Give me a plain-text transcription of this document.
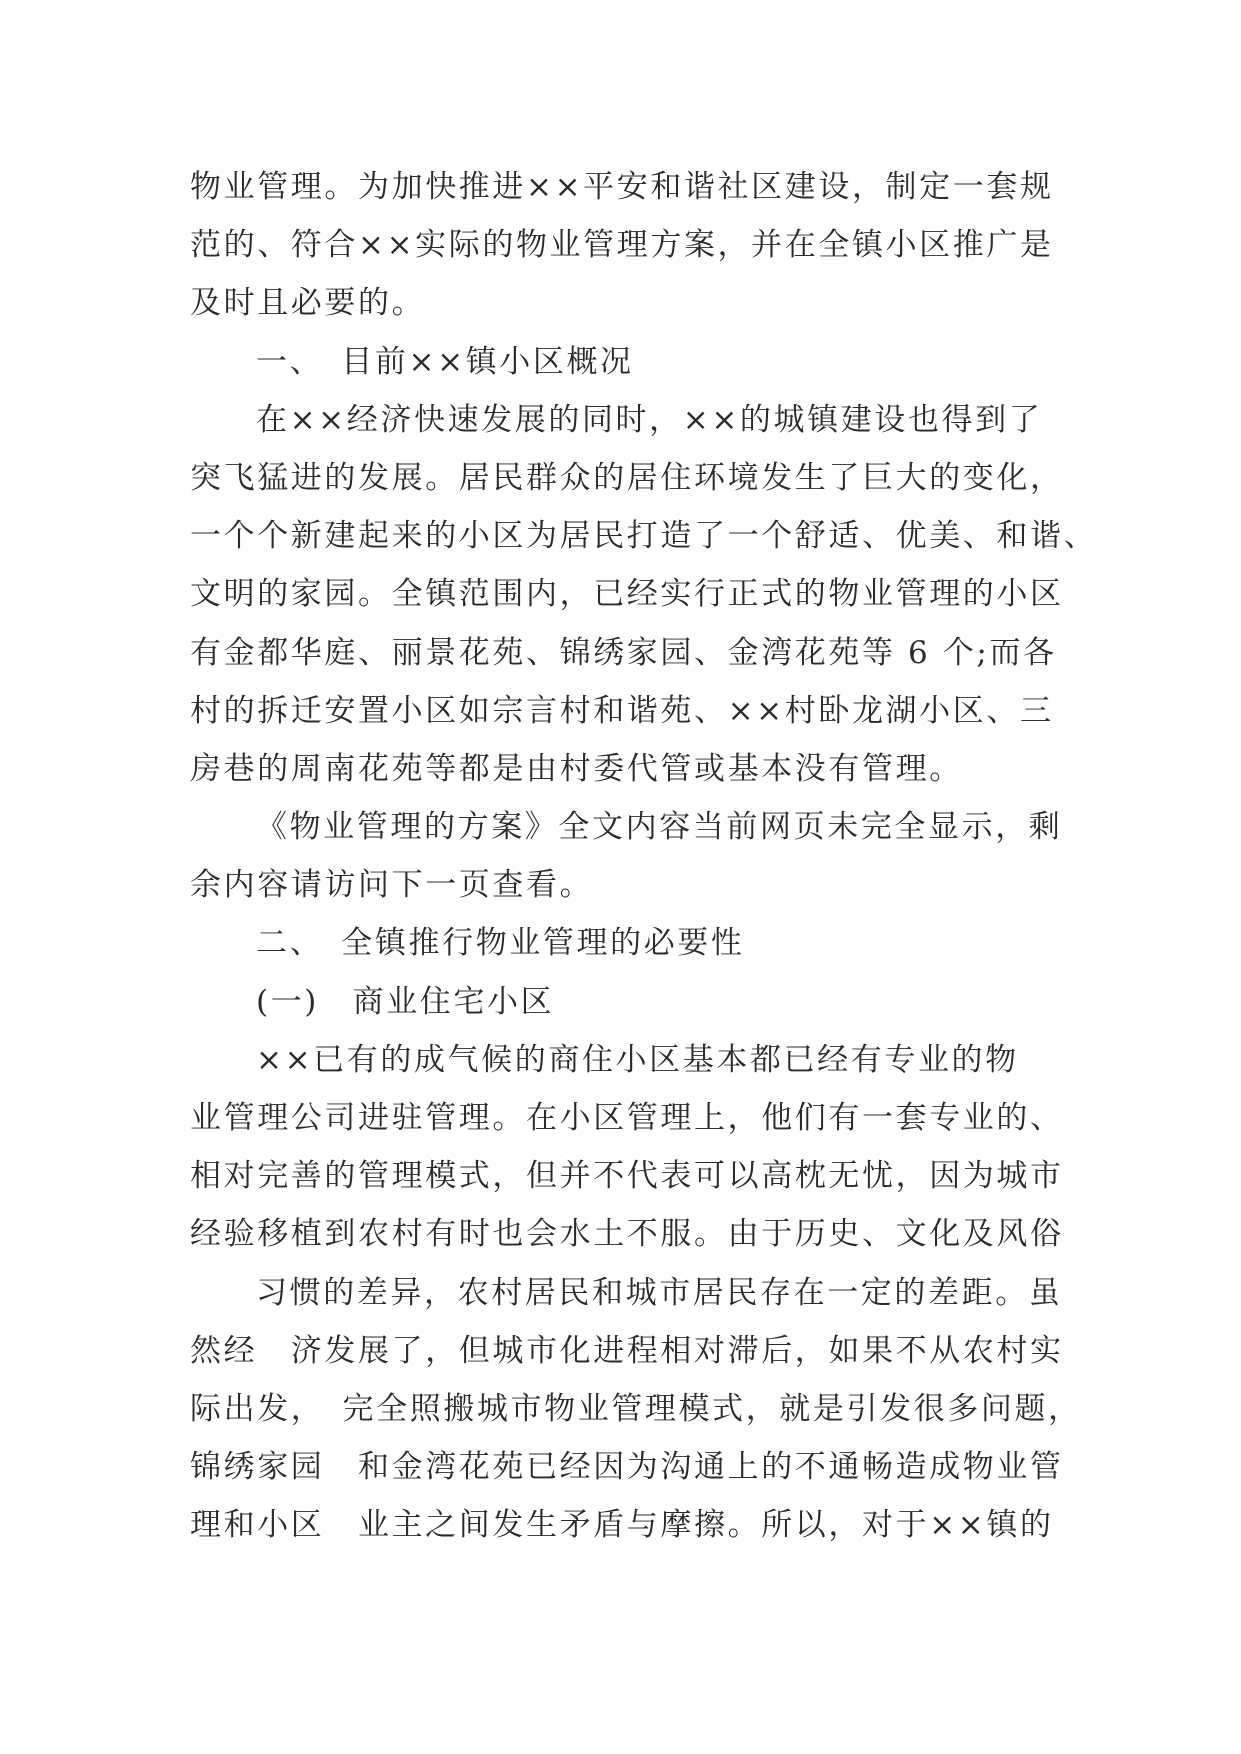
物业管理。为加快推进××平安和谐社区建设，制定一套规
范的、符合××实际的物业管理方案，并在全镇小区推广是
及时且必要的。
一、　目前××镇小区概况
在××经济快速发展的同时，××的城镇建设也得到了
突飞猛进的发展。居民群众的居住环境发生了巨大的变化，
一个个新建起来的小区为居民打造了一个舒适、优美、和谐、
文明的家园。全镇范围内，已经实行正式的物业管理的小区
有金都华庭、丽景花苑、锦绣家园、金湾花苑等 6 个;而各
村的拆迁安置小区如宗言村和谐苑、××村卧龙湖小区、三
房巷的周南花苑等都是由村委代管或基本没有管理。
《物业管理的方案》全文内容当前网页未完全显示，剩
余内容请访问下一页查看。
二、　全镇推行物业管理的必要性
(一)　商业住宅小区
××已有的成气候的商住小区基本都已经有专业的物
业管理公司进驻管理。在小区管理上，他们有一套专业的、
相对完善的管理模式，但并不代表可以高枕无忧，因为城市
经验移植到农村有时也会水土不服。由于历史、文化及风俗
习惯的差异，农村居民和城市居民存在一定的差距。虽
然经　济发展了，但城市化进程相对滞后，如果不从农村实
际出发，　完全照搬城市物业管理模式，就是引发很多问题，
锦绣家园　和金湾花苑已经因为沟通上的不通畅造成物业管
理和小区　业主之间发生矛盾与摩擦。所以，对于××镇的
